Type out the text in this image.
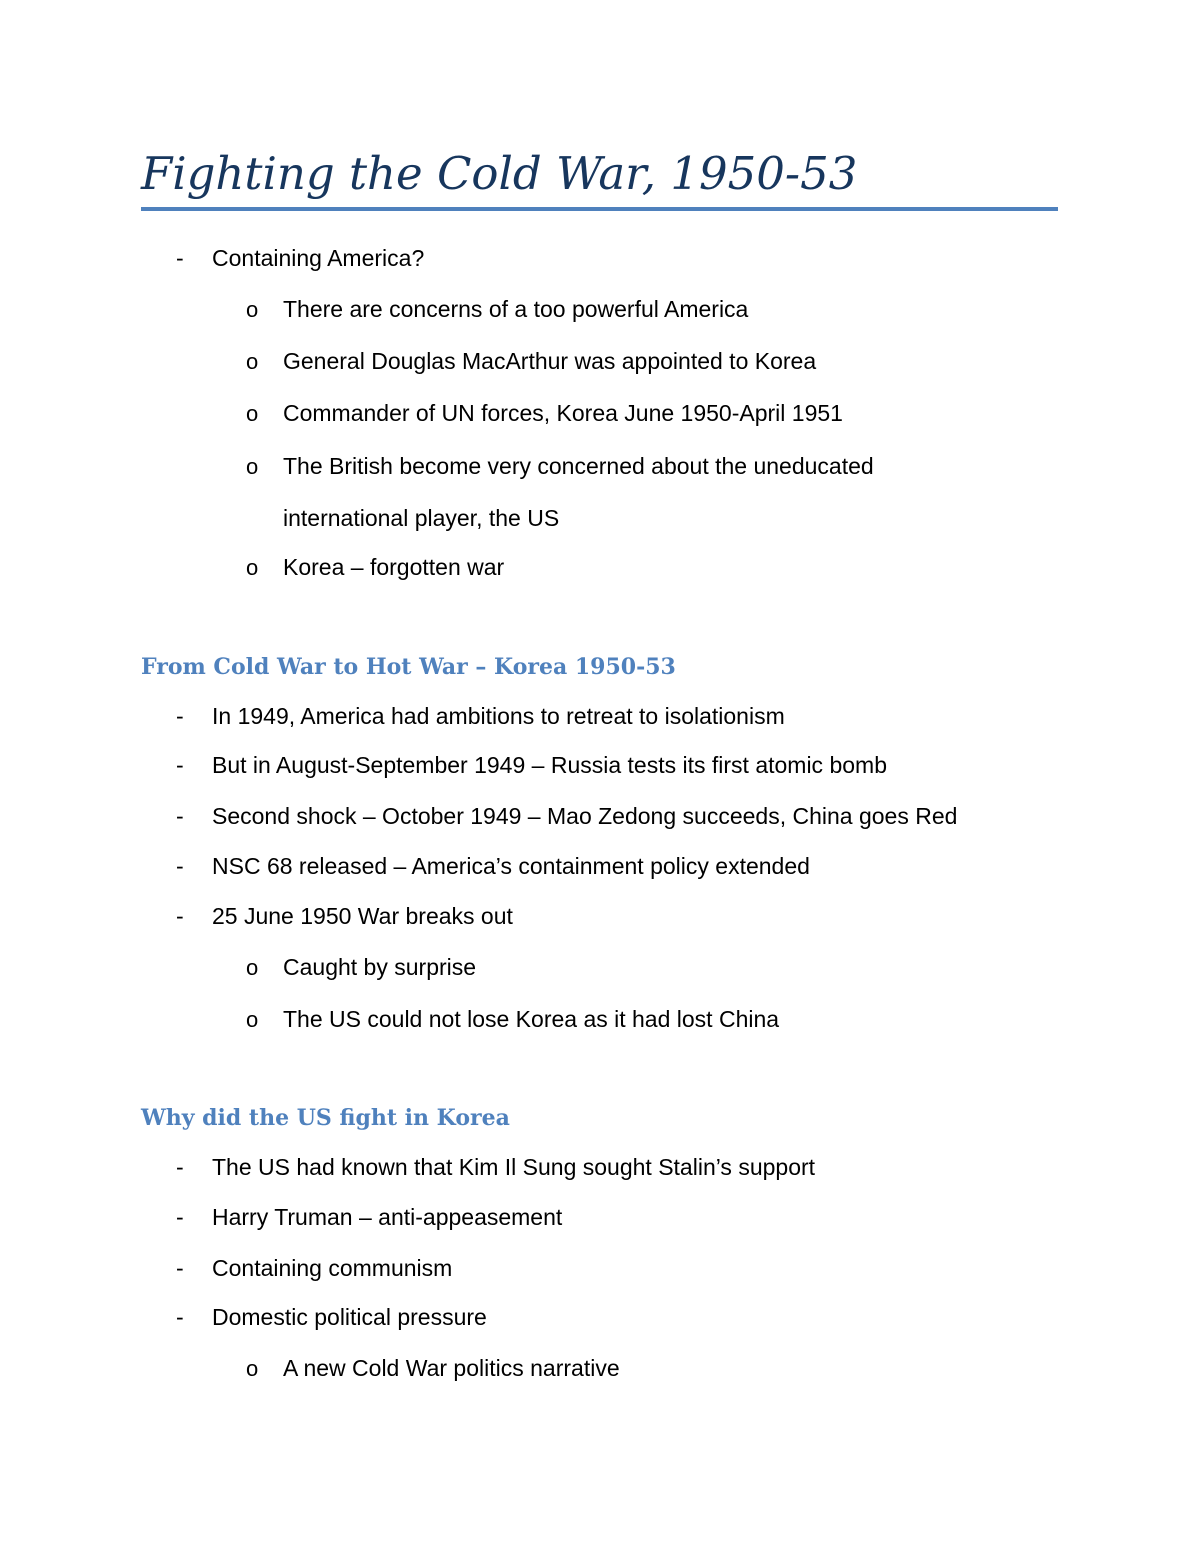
Fighting the Cold War, 1950-53
- Containing America?
o There are concerns of a too powerful America
o General Douglas MacArthur was appointed to Korea
o Commander of UN forces, Korea June 1950-April 1951
o The British become very concerned about the uneducated
international player, the US
o Korea – forgotten war
From Cold War to Hot War – Korea 1950-53
- In 1949, America had ambitions to retreat to isolationism
- But in August-September 1949 – Russia tests its first atomic bomb
- Second shock – October 1949 – Mao Zedong succeeds, China goes Red
- NSC 68 released – America’s containment policy extended
- 25 June 1950 War breaks out
o Caught by surprise
o The US could not lose Korea as it had lost China
Why did the US fight in Korea
- The US had known that Kim Il Sung sought Stalin’s support
- Harry Truman – anti-appeasement
- Containing communism
- Domestic political pressure
o A new Cold War politics narrative
